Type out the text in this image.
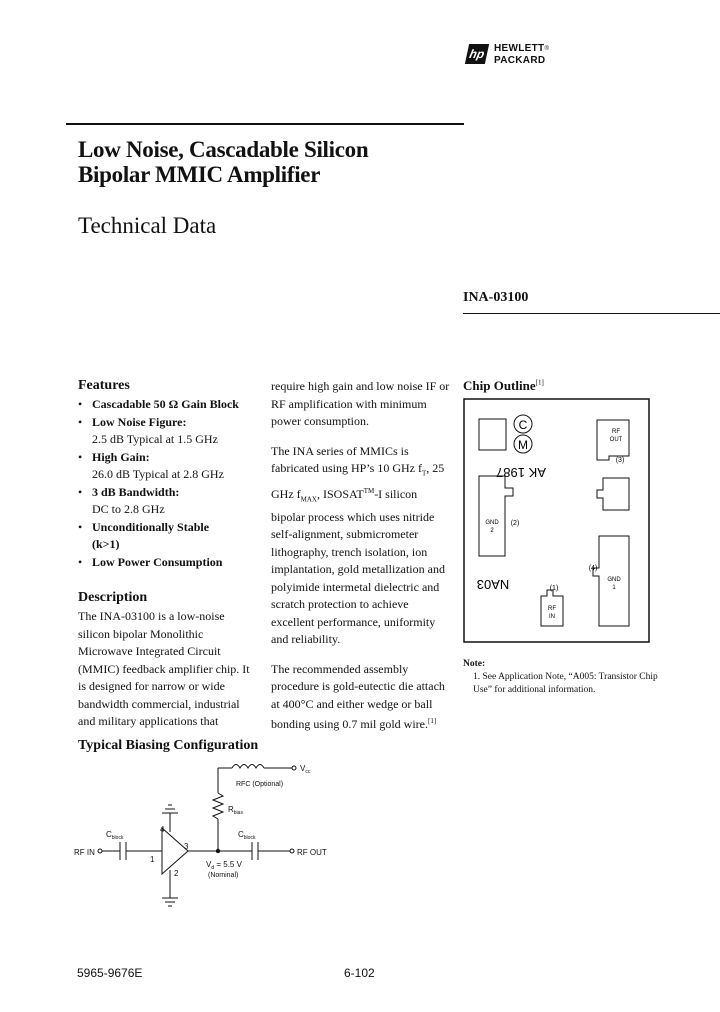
hp HEWLETT®
PACKARD
Low Noise, Cascadable Silicon
Bipolar MMIC Amplifier
Technical Data
INA-03100
Features
• Cascadable 50 Ω Gain Block
• Low Noise Figure:
2.5 dB Typical at 1.5 GHz
• High Gain:
26.0 dB Typical at 2.8 GHz
• 3 dB Bandwidth:
DC to 2.8 GHz
• Unconditionally Stable
(k>1)
• Low Power Consumption
Description
The INA-03100 is a low-noise silicon bipolar Monolithic Microwave Integrated Circuit (MMIC) feedback amplifier chip. It is designed for narrow or wide bandwidth commercial, industrial and military applications that

require high gain and low noise IF or RF amplification with minimum power consumption.

The INA series of MMICs is fabricated using HP’s 10 GHz $f_T$, 25 GHz $f_{MAX}$, ISOSAT™-I silicon bipolar process which uses nitride self-alignment, submicrometer lithography, trench isolation, ion implantation, gold metallization and polyimide intermetal dielectric and scratch protection to achieve excellent performance, uniformity and reliability.

The recommended assembly procedure is gold-eutectic die attach at 400°C and either wedge or ball bonding using 0.7 mil gold wire.[1]

Chip Outline[1]
C
M
RF
OUT
(3)
AK 1987
GND
2
(2)
NA03	GND
1
(4)
(1)
RF
IN
Note:
1. See Application Note, “A005: Transistor Chip Use” for additional information.
Typical Biasing Configuration
$V_{cc}$
RFC (Optional)
$R_{bias}$
$C_{block}$	$C_{block}$
RF IN	RF OUT
$V_d = 5.5$ V
(Nominal)
1
2
3
4
5965-9676E	6-102
